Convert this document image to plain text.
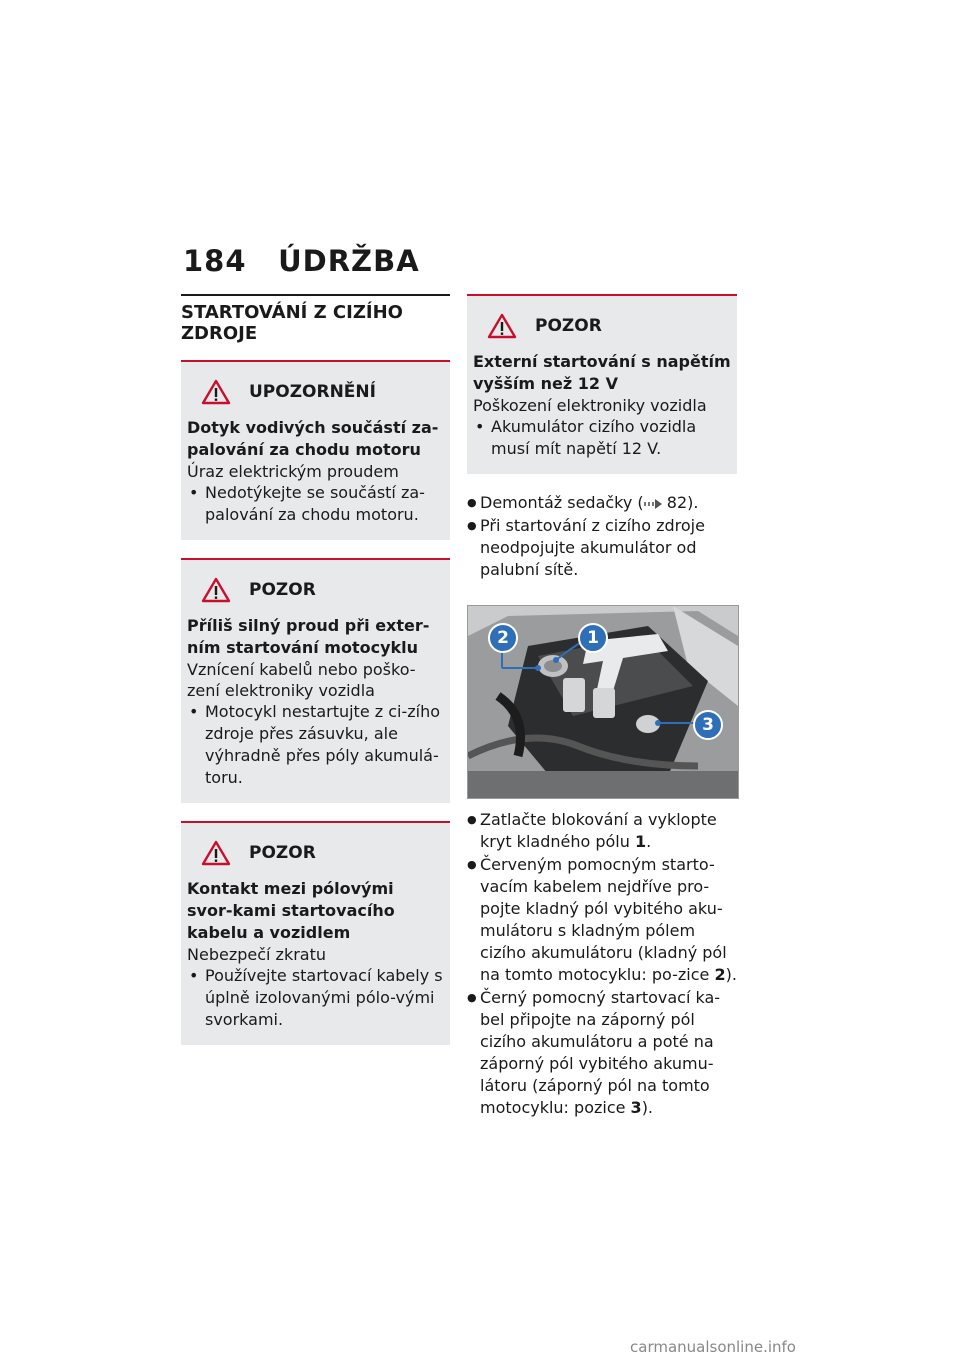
184 ÚDRŽBA
STARTOVÁNÍ Z CIZÍHO ZDROJE
UPOZORNĚNÍ
Dotyk vodivých součástí za-palování za chodu motoru
Úraz elektrickým proudem
• Nedotýkejte se součástí za-palování za chodu motoru.
POZOR
Příliš silný proud při exter-ním startování motocyklu
Vznícení kabelů nebo poško-zení elektroniky vozidla
• Motocykl nestartujte z ci-zího zdroje přes zásuvku, ale výhradně přes póly akumulá-toru.
POZOR
Kontakt mezi pólovými svor-kami startovacího kabelu a vozidlem
Nebezpečí zkratu
• Používejte startovací kabely s úplně izolovanými pólo-vými svorkami.
POZOR
Externí startování s napětím vyšším než 12 V
Poškození elektroniky vozidla
• Akumulátor cizího vozidla musí mít napětí 12 V.
● Demontáž sedačky ( 82).
● Při startování z cizího zdroje neodpojujte akumulátor od palubní sítě.
1
2
3
● Zatlačte blokování a vyklopte kryt kladného pólu 1.
● Červeným pomocným starto-vacím kabelem nejdříve pro-pojte kladný pól vybitého aku-mulátoru s kladným pólem cizího akumulátoru (kladný pól na tomto motocyklu: po-zice 2).
● Černý pomocný startovací ka-bel připojte na záporný pól cizího akumulátoru a poté na záporný pól vybitého akumu-látoru (záporný pól na tomto motocyklu: pozice 3).
carmanualsonline.info
